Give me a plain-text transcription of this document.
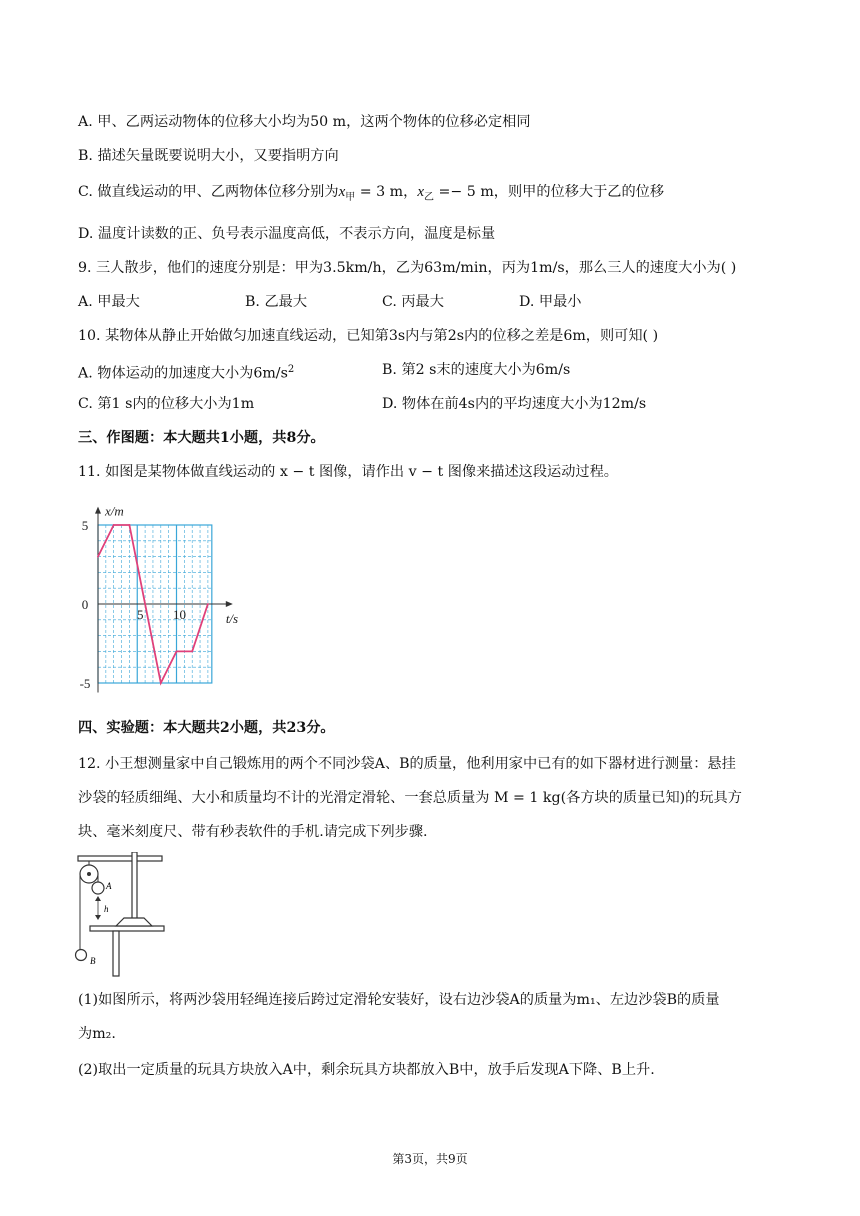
A. 甲、乙两运动物体的位移大小均为50 m，这两个物体的位移必定相同
B. 描述矢量既要说明大小，又要指明方向
C. 做直线运动的甲、乙两物体位移分别为$x_甲 = 3$ m，$x_乙 =- 5$ m，则甲的位移大于乙的位移
D. 温度计读数的正、负号表示温度高低，不表示方向，温度是标量
9. 三人散步，他们的速度分别是：甲为3.5km/h，乙为63m/min，丙为1m/s，那么三人的速度大小为( )
A. 甲最大	B. 乙最大	C. 丙最大	D. 甲最小
10. 某物体从静止开始做匀加速直线运动，已知第3s内与第2s内的位移之差是6m，则可知( )
A. 物体运动的加速度大小为$6m/s^2$	B. 第2 s末的速度大小为6m/s
C. 第1 s内的位移大小为1m	D. 物体在前4s内的平均速度大小为12m/s
三、作图题：本大题共1小题，共8分。
11. 如图是某物体做直线运动的 x − t 图像，请作出 v − t 图像来描述这段运动过程。
x/m
t/s
5
0
-5
5 10
四、实验题：本大题共2小题，共23分。
12. 小王想测量家中自己锻炼用的两个不同沙袋A、B的质量，他利用家中已有的如下器材进行测量：悬挂
沙袋的轻质细绳、大小和质量均不计的光滑定滑轮、一套总质量为 M = 1 kg(各方块的质量已知)的玩具方
块、毫米刻度尺、带有秒表软件的手机.请完成下列步骤.
A
h
B
(1)如图所示，将两沙袋用轻绳连接后跨过定滑轮安装好，设右边沙袋A的质量为m₁、左边沙袋B的质量
为m₂.
(2)取出一定质量的玩具方块放入A中，剩余玩具方块都放入B中，放手后发现A下降、B上升.
第3页，共9页
